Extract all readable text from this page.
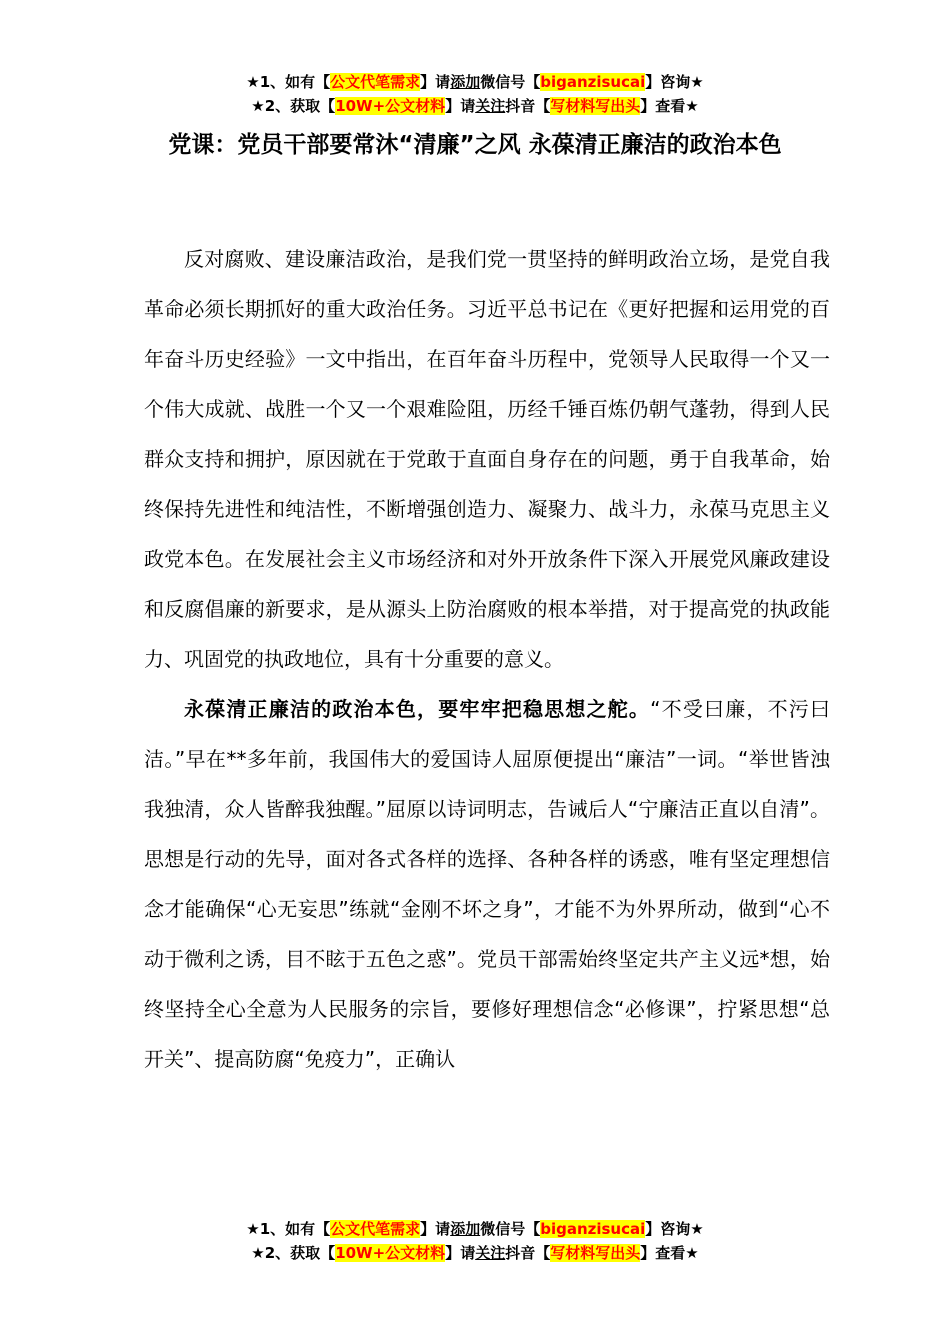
★1、如有【公文代笔需求】请添加微信号【biganzisucai】咨询★
★2、获取【10W+公文材料】请关注抖音【写材料写出头】查看★
党课：党员干部要常沐“清廉”之风 永葆清正廉洁的政治本色

反对腐败、建设廉洁政治，是我们党一贯坚持的鲜明政治立场，是党自我革命必须长期抓好的重大政治任务。习近平总书记在《更好把握和运用党的百年奋斗历史经验》一文中指出，在百年奋斗历程中，党领导人民取得一个又一个伟大成就、战胜一个又一个艰难险阻，历经千锤百炼仍朝气蓬勃，得到人民群众支持和拥护，原因就在于党敢于直面自身存在的问题，勇于自我革命，始终保持先进性和纯洁性，不断增强创造力、凝聚力、战斗力，永葆马克思主义政党本色。在发展社会主义市场经济和对外开放条件下深入开展党风廉政建设和反腐倡廉的新要求，是从源头上防治腐败的根本举措，对于提高党的执政能力、巩固党的执政地位，具有十分重要的意义。

永葆清正廉洁的政治本色，要牢牢把稳思想之舵。“不受曰廉，不污曰洁。”早在**多年前，我国伟大的爱国诗人屈原便提出“廉洁”一词。“举世皆浊我独清，众人皆醉我独醒。”屈原以诗词明志，告诫后人“宁廉洁正直以自清”。思想是行动的先导，面对各式各样的选择、各种各样的诱惑，唯有坚定理想信念才能确保“心无妄思”练就“金刚不坏之身”，才能不为外界所动，做到“心不动于微利之诱，目不眩于五色之惑”。党员干部需始终坚定共产主义远*想，始终坚持全心全意为人民服务的宗旨，要修好理想信念“必修课”，拧紧思想“总开关”、提高防腐“免疫力”，正确认

★1、如有【公文代笔需求】请添加微信号【biganzisucai】咨询★
★2、获取【10W+公文材料】请关注抖音【写材料写出头】查看★
